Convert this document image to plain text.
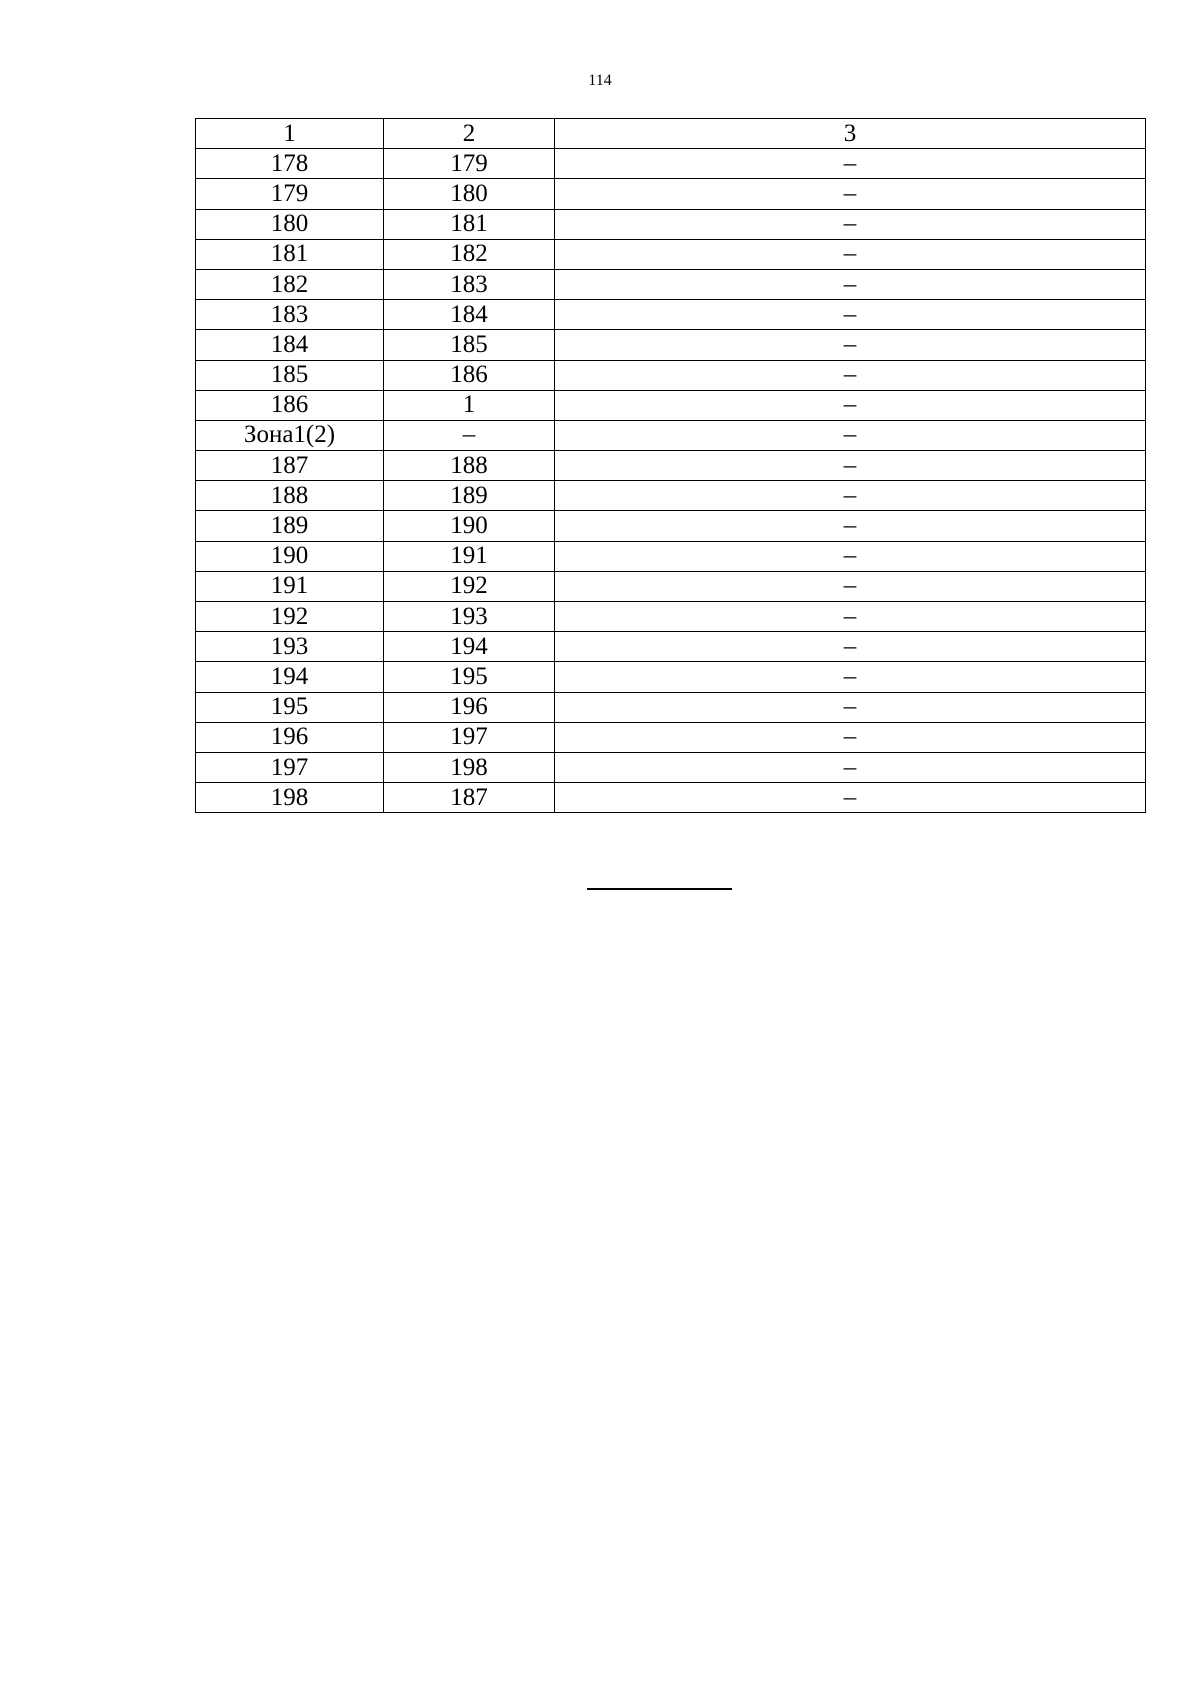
114
1	2	3
178	179	–
179	180	–
180	181	–
181	182	–
182	183	–
183	184	–
184	185	–
185	186	–
186	1	–
Зона1(2)	–	–
187	188	–
188	189	–
189	190	–
190	191	–
191	192	–
192	193	–
193	194	–
194	195	–
195	196	–
196	197	–
197	198	–
198	187	–
